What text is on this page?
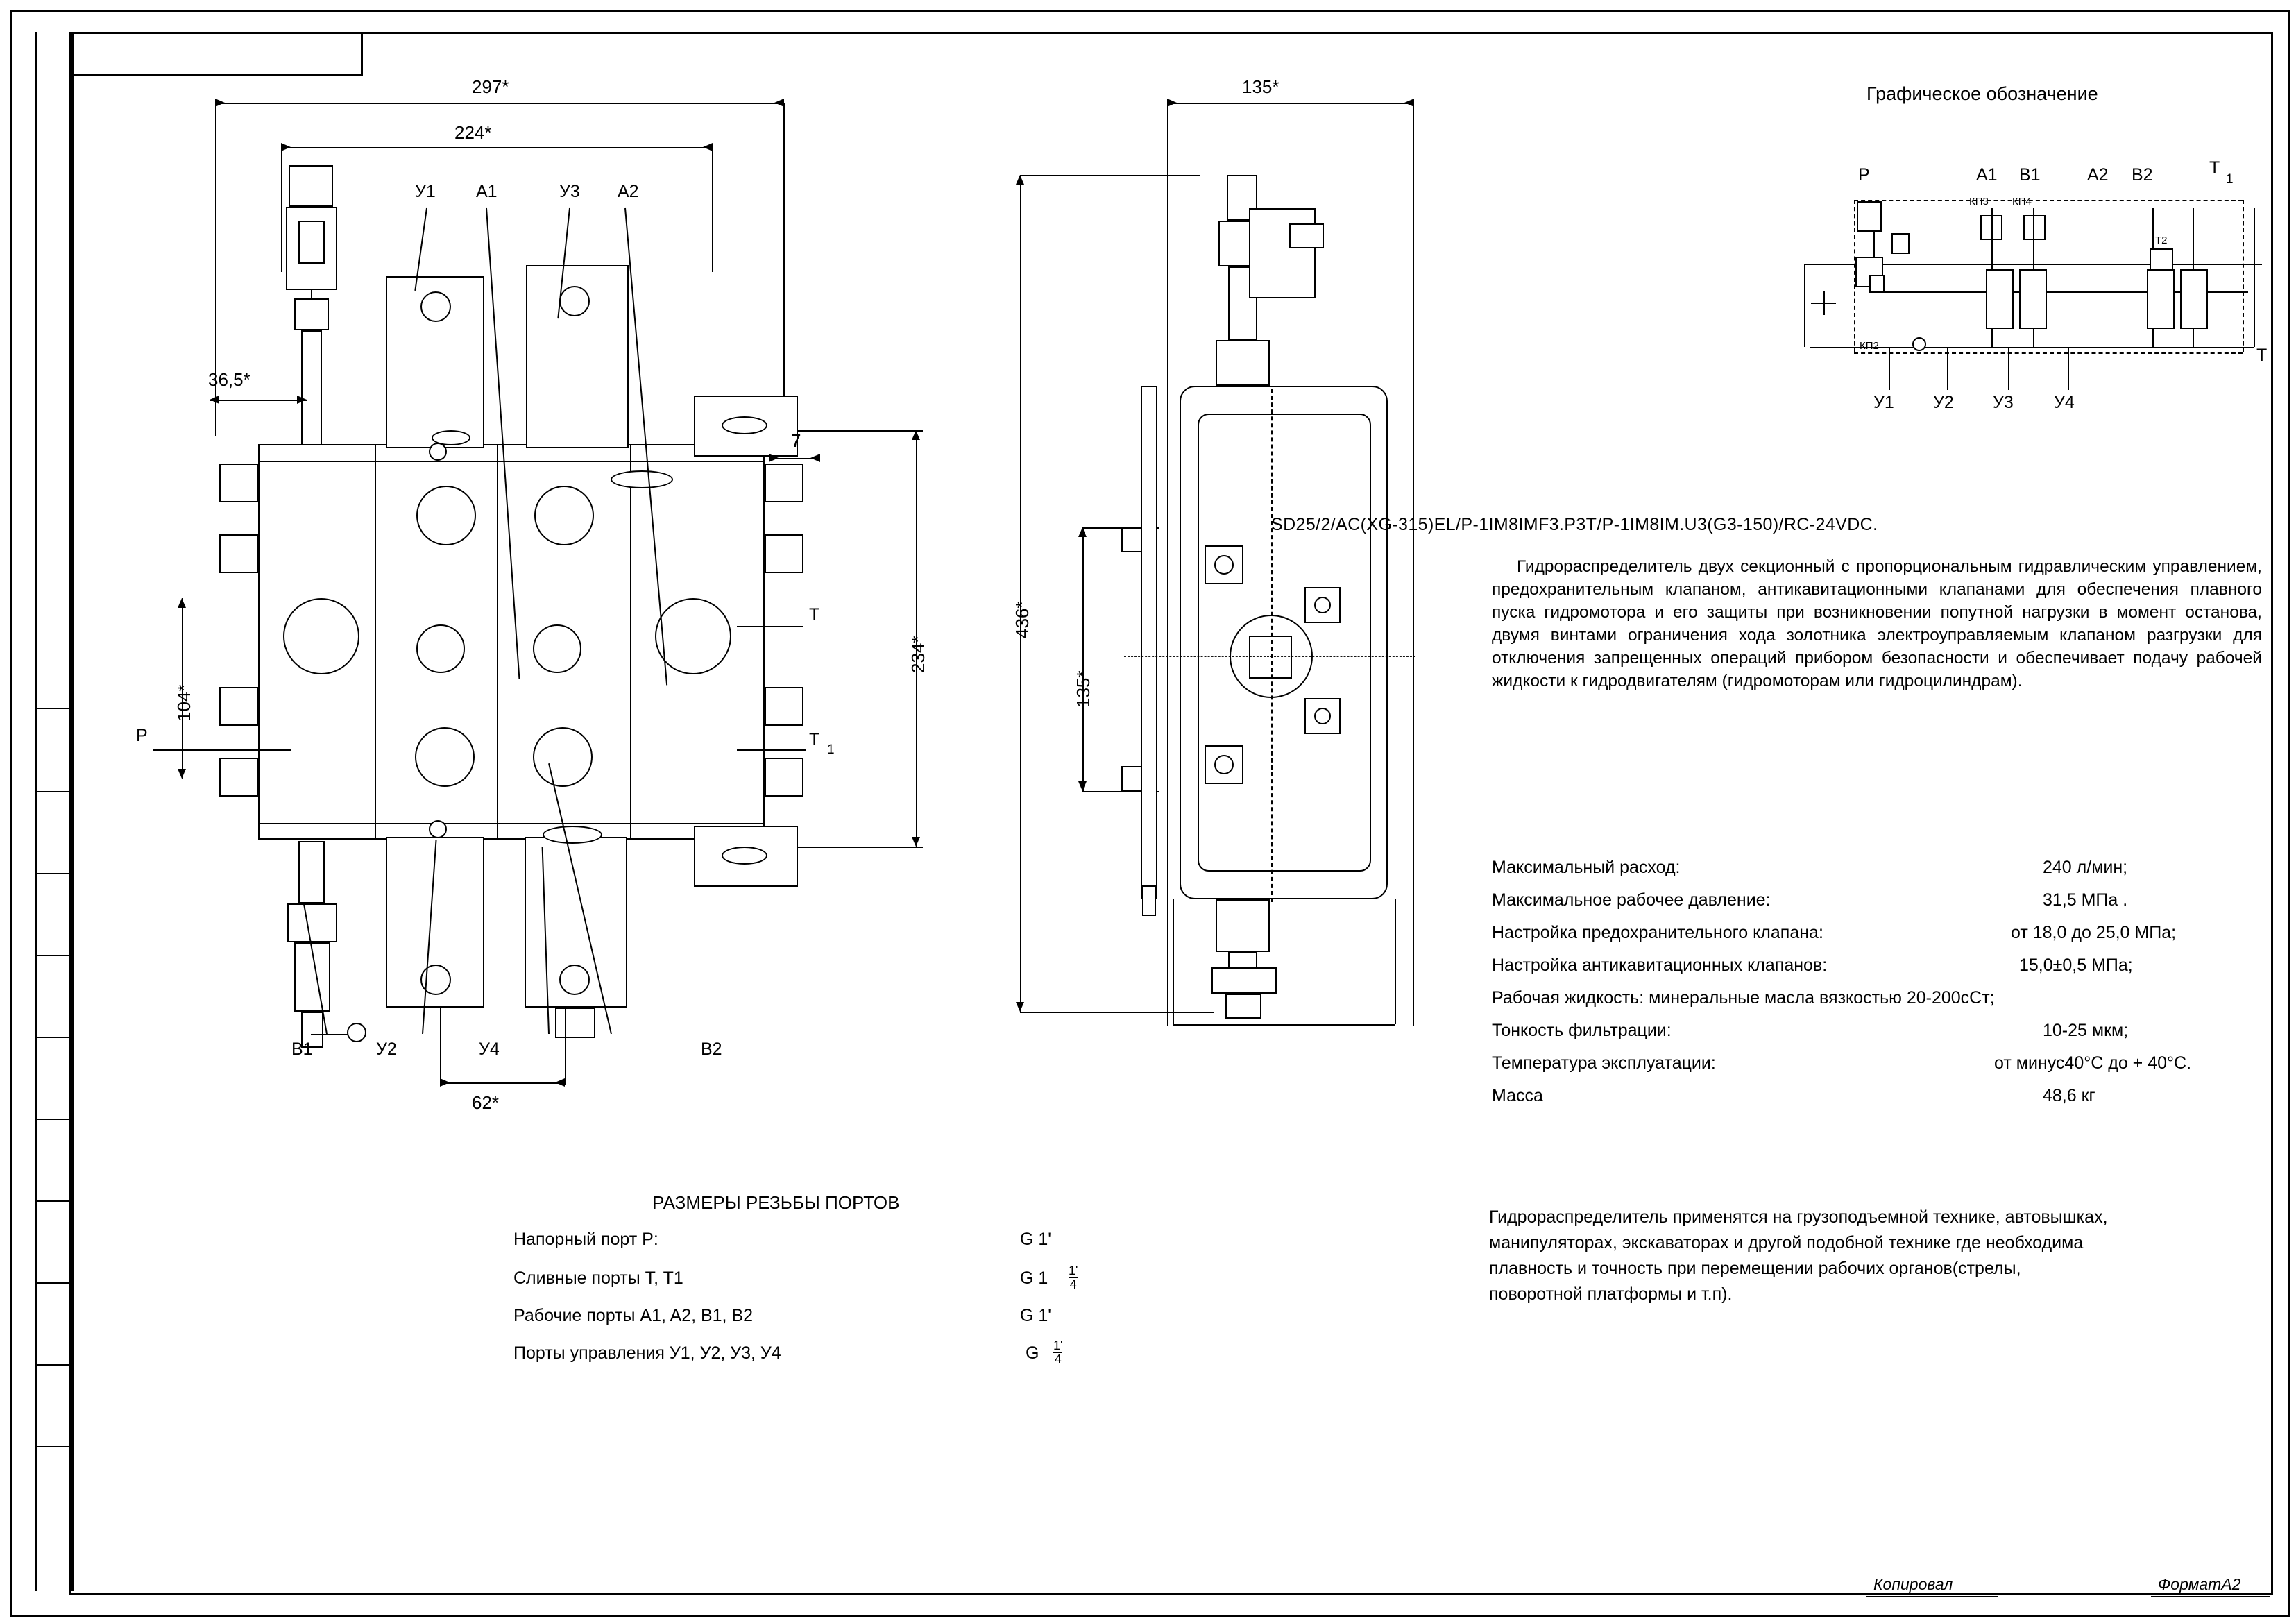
297*
224*
36,5*
104*
234*
7
62*
У1 A1	У3 A2
B1	У2	У4	B2
P
T
T
1
135*
436*
135*
Графическое обозначение
КП2
КП3 КП4
T2
P	A1 B1	A2 B2	T
1
T
У1 У2 У3 У4
SD25/2/AC(XG-315)EL/P-1IM8IMF3.P3T/P-1IM8IM.U3(G3-150)/RC-24VDC.
Гидрораспределитель двух секционный с пропорциональным гидравлическим управлением, предохранительным клапаном, антикавитационными клапанами для обеспечения плавного пуска гидромотора и его защиты при возникновении попутной нагрузки в момент останова, двумя винтами ограничения хода золотника электроуправляемым клапаном разгрузки для отключения запрещенных операций прибором безопасности и обеспечивает подачу рабочей жидкости к гидродвигателям (гидромоторам или гидроцилиндрам).
Максимальный расход:	240 л/мин;
Максимальное рабочее давление:	31,5 МПа .
Настройка предохранительного клапана:	от 18,0 до 25,0 МПа;
Настройка антикавитационных клапанов:	15,0±0,5 МПа;
Рабочая жидкость: минеральные масла вязкостью 20-200сСт;
Тонкость фильтрации:	10-25 мкм;
Температура эксплуатации:	от минус40°С до + 40°С.
Масса	48,6 кг
Гидрораспределитель применятся на грузоподъемной технике, автовышках,
манипуляторах, экскаваторах и другой подобной технике где необходима
плавность и точность при перемещении рабочих органов(стрелы,
поворотной платформы и т.п).
РАЗМЕРЫ РЕЗЬБЫ ПОРТОВ
Напорный порт P:	G 1'
Сливные порты T, T1	G $1 \frac{1'}{4}$
Рабочие порты A1, A2, B1, B2	G 1'
Порты управления У1, У2, У3, У4	G $\frac{1'}{4}$
Копировал	ФорматA2
